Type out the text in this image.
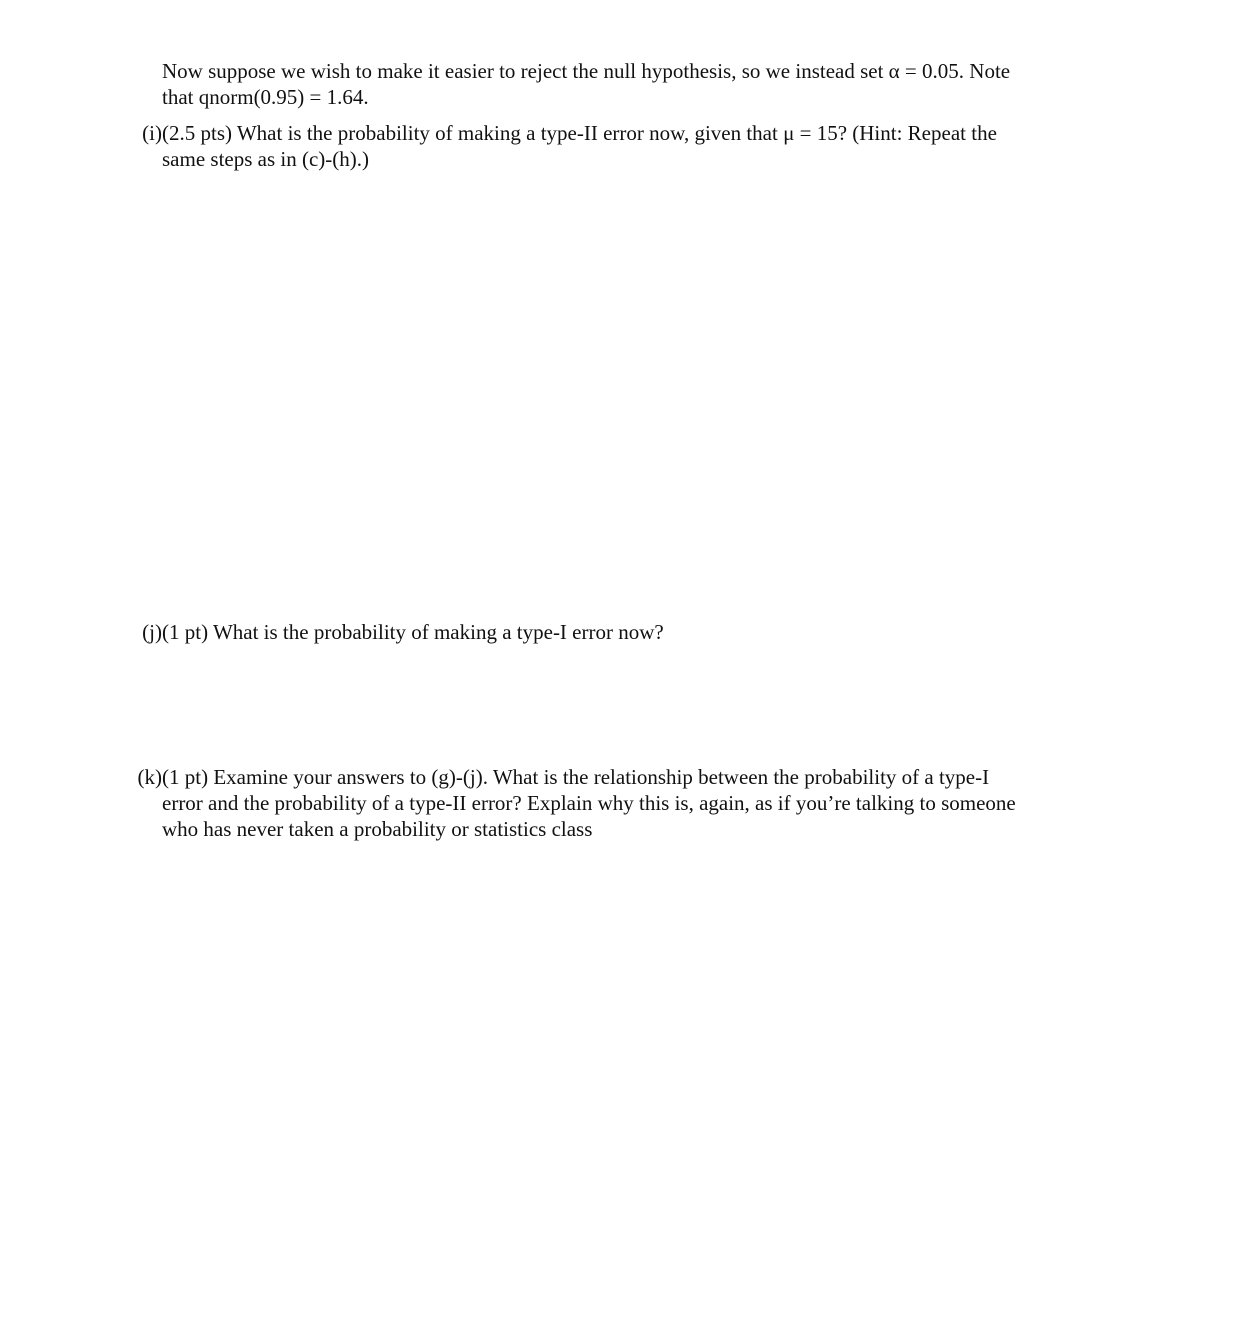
Now suppose we wish to make it easier to reject the null hypothesis, so we instead set α = 0.05. Note
that qnorm(0.95) = 1.64.
(i) (2.5 pts) What is the probability of making a type-II error now, given that μ = 15? (Hint: Repeat the
same steps as in (c)-(h).)
(j) (1 pt) What is the probability of making a type-I error now?
(k) (1 pt) Examine your answers to (g)-(j). What is the relationship between the probability of a type-I
error and the probability of a type-II error? Explain why this is, again, as if you’re talking to someone
who has never taken a probability or statistics class
